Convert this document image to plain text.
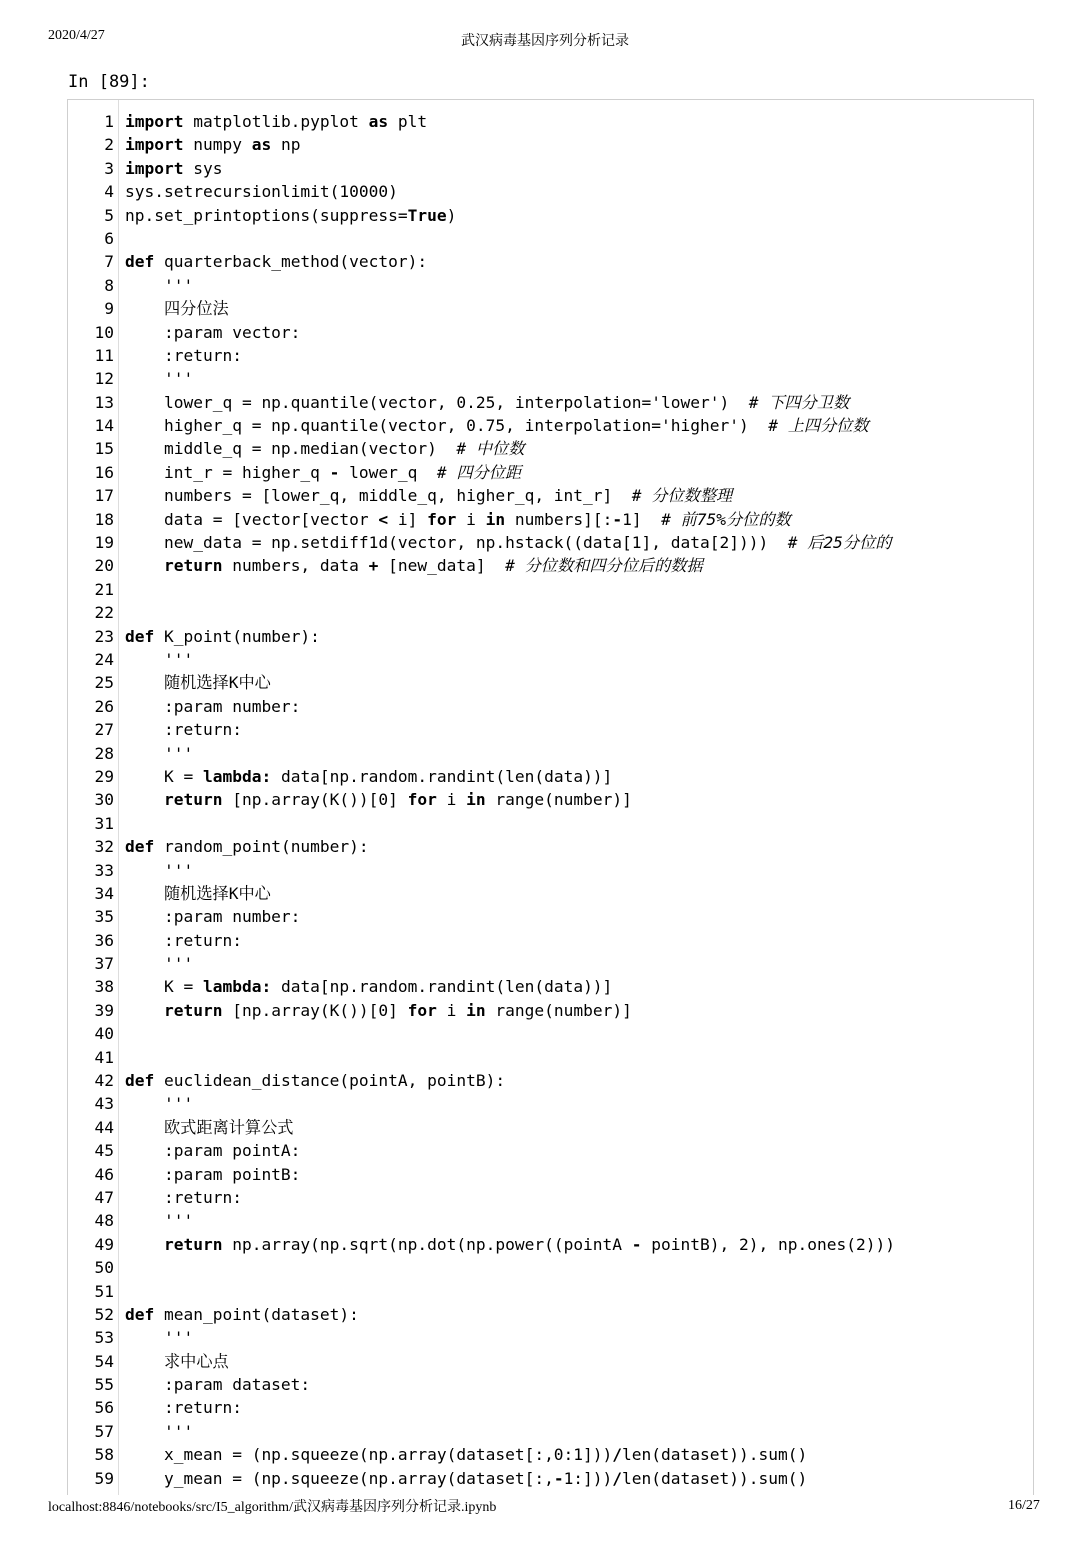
2020/4/27	武汉病毒基因序列分析记录
In [89]:
1 import matplotlib.pyplot as plt
2 import numpy as np
3 import sys
4 sys.setrecursionlimit(10000)
5 np.set_printoptions(suppress=True)
6
7 def quarterback_method(vector):
8    '''
9	四分位法
10    :param vector:
11    :return:
12    '''
13    lower_q = np.quantile(vector, 0.25, interpolation='lower')  # 下四分卫数
14    higher_q = np.quantile(vector, 0.75, interpolation='higher')  # 上四分位数
15    middle_q = np.median(vector)  # 中位数
16    int_r = higher_q - lower_q  # 四分位距
17    numbers = [lower_q, middle_q, higher_q, int_r]  # 分位数整理
18    data = [vector[vector < i] for i in numbers][:-1]  # 前75%分位的数
19    new_data = np.setdiff1d(vector, np.hstack((data[1], data[2])))  # 后25分位的
20	return numbers, data + [new_data]  # 分位数和四分位后的数据
21
22
23 def K_point(number):
24    '''
25	随机选择K中心
26    :param number:
27    :return:
28    '''
29    K = lambda: data[np.random.randint(len(data))]
30	return [np.array(K())[0] for i in range(number)]
31
32 def random_point(number):
33    '''
34	随机选择K中心
35    :param number:
36    :return:
37    '''
38    K = lambda: data[np.random.randint(len(data))]
39	return [np.array(K())[0] for i in range(number)]
40
41
42 def euclidean_distance(pointA, pointB):
43    '''
44	欧式距离计算公式
45    :param pointA:
46    :param pointB:
47    :return:
48    '''
49	return np.array(np.sqrt(np.dot(np.power((pointA - pointB), 2), np.ones(2)))
50
51
52 def mean_point(dataset):
53    '''
54	求中心点
55    :param dataset:
56    :return:
57    '''
58    x_mean = (np.squeeze(np.array(dataset[:,0:1]))/len(dataset)).sum()
59    y_mean = (np.squeeze(np.array(dataset[:,-1:]))/len(dataset)).sum()
localhost:8846/notebooks/src/I5_algorithm/武汉病毒基因序列分析记录.ipynb	16/27
